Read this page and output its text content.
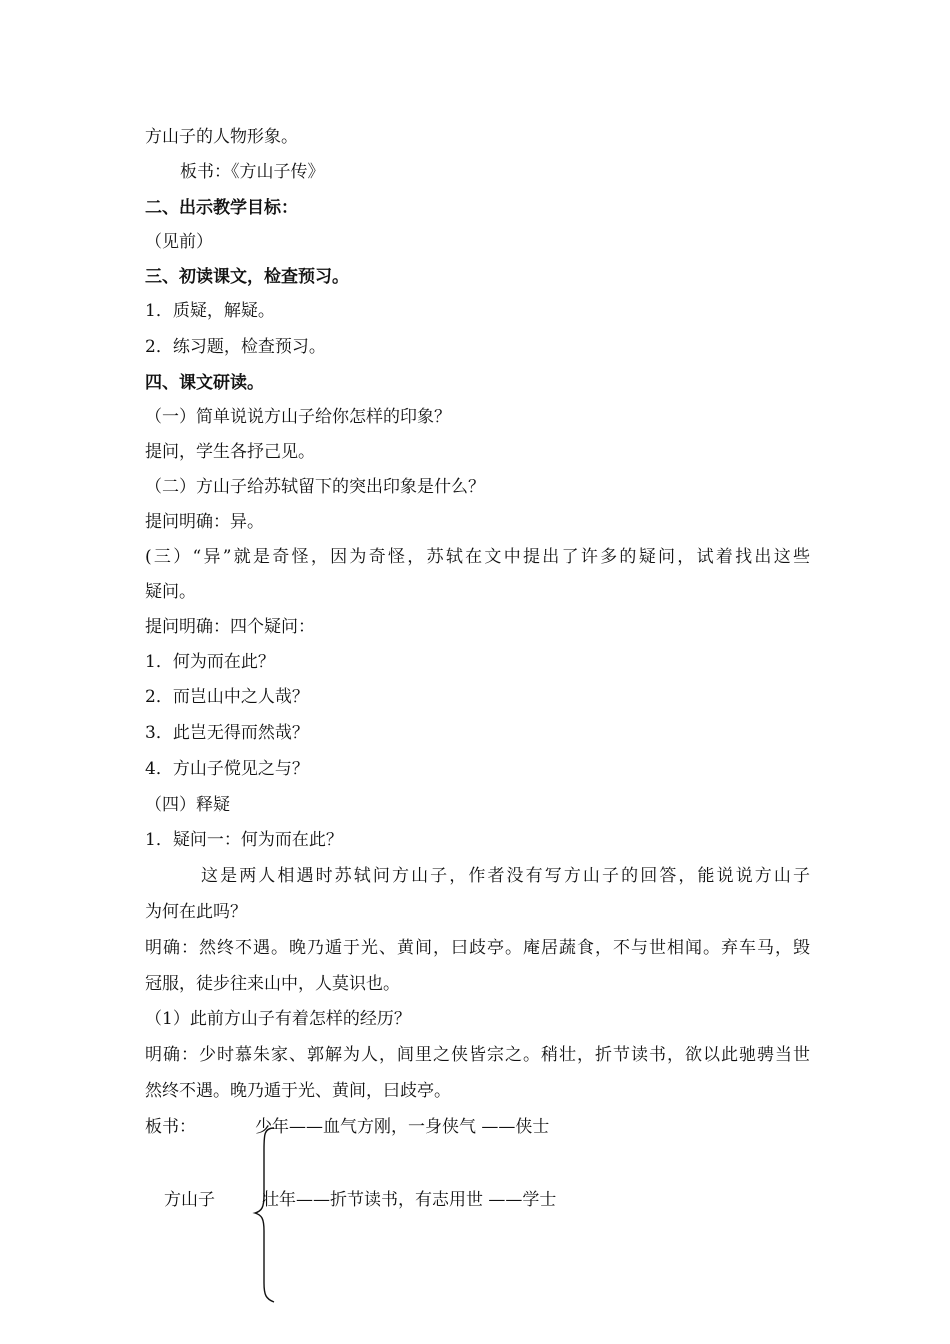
方山子的人物形象。
板书：《方山子传》
二、出示教学目标：
（见前）
三、初读课文，检查预习。
1．质疑，解疑。
2．练习题，检查预习。
四、课文研读。
（一）简单说说方山子给你怎样的印象？
提问，学生各抒己见。
（二）方山子给苏轼留下的突出印象是什么？
提问明确：异。
(三）“异”就是奇怪，因为奇怪，苏轼在文中提出了许多的疑问，试着找出这些
疑问。
提问明确：四个疑问：
1．何为而在此？
2．而岂山中之人哉？
3．此岂无得而然哉？
4．方山子傥见之与？
（四）释疑
1．疑问一：何为而在此？
这是两人相遇时苏轼问方山子，作者没有写方山子的回答，能说说方山子
为何在此吗？
明确：然终不遇。晚乃遁于光、黄间，曰歧亭。庵居蔬食，不与世相闻。弃车马，毁
冠服，徒步往来山中，人莫识也。
（1）此前方山子有着怎样的经历？
明确：少时慕朱家、郭解为人，闾里之侠皆宗之。稍壮，折节读书，欲以此驰骋当世
然终不遇。晚乃遁于光、黄间，曰歧亭。
板书：
方山子
少年——血气方刚，一身侠气 ——侠士
壮年——折节读书，有志用世 ——学士
